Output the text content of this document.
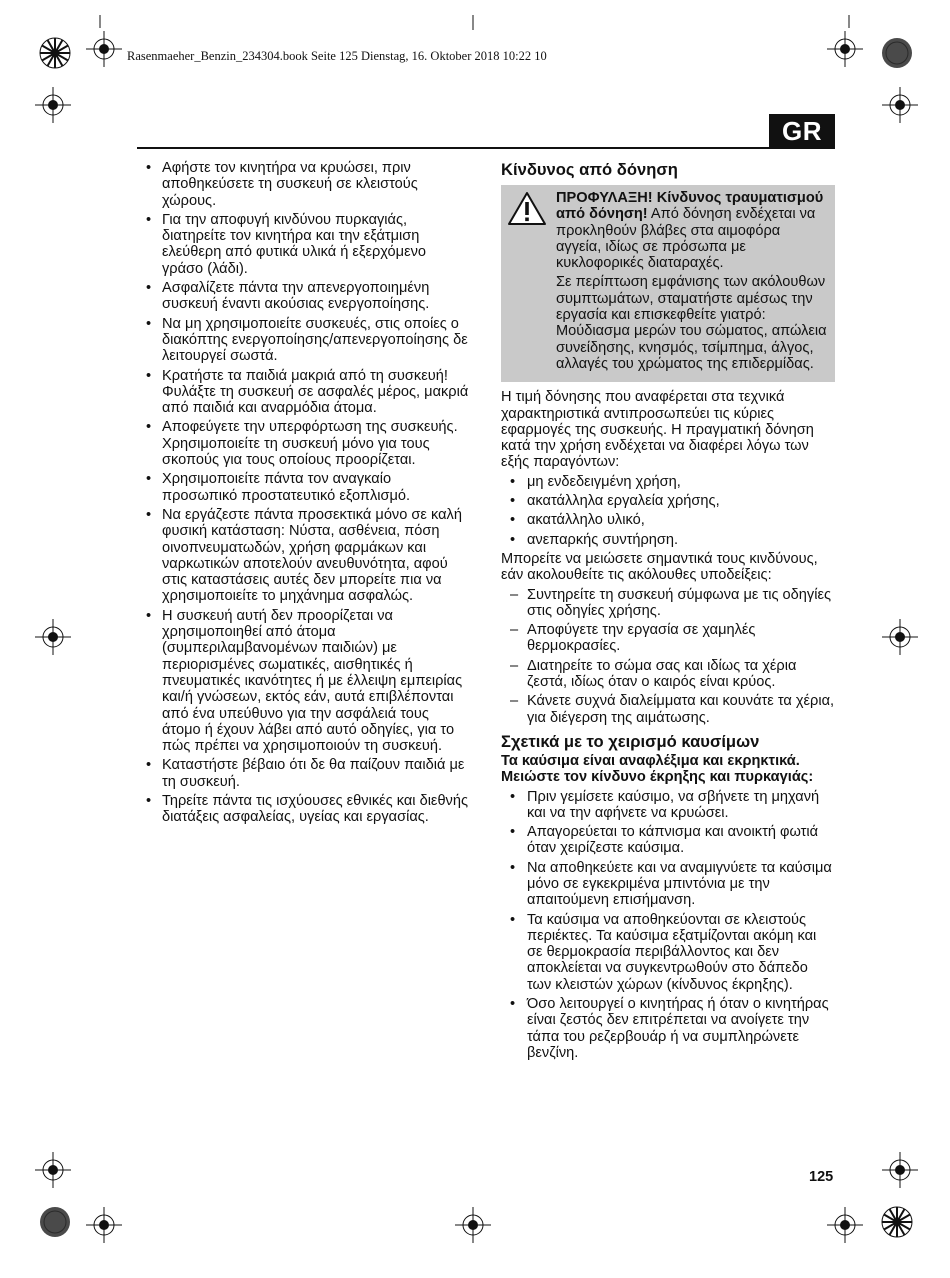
Rasenmaeher_Benzin_234304.book Seite 125 Dienstag, 16. Oktober 2018 10:22 10
GR
• Αφήστε τον κινητήρα να κρυώσει, πριν αποθηκεύσετε τη συσκευή σε κλειστούς χώρους.
• Για την αποφυγή κινδύνου πυρκαγιάς, διατηρείτε τον κινητήρα και την εξάτμιση ελεύθερη από φυτικά υλικά ή εξερχόμενο γράσο (λάδι).
• Ασφαλίζετε πάντα την απενεργοποιημένη συσκευή έναντι ακούσιας ενεργοποίησης.
• Να μη χρησιμοποιείτε συσκευές, στις οποίες ο διακόπτης ενεργοποίησης/απενεργοποίησης δε λειτουργεί σωστά.
• Κρατήστε τα παιδιά μακριά από τη συσκευή! Φυλάξτε τη συσκευή σε ασφαλές μέρος, μακριά από παιδιά και αναρμόδια άτομα.
• Αποφεύγετε την υπερφόρτωση της συσκευής. Χρησιμοποιείτε τη συσκευή μόνο για τους σκοπούς για τους οποίους προορίζεται.
• Χρησιμοποιείτε πάντα τον αναγκαίο προσωπικό προστατευτικό εξοπλισμό.
• Να εργάζεστε πάντα προσεκτικά μόνο σε καλή φυσική κατάσταση: Νύστα, ασθένεια, πόση οινοπνευματωδών, χρήση φαρμάκων και ναρκωτικών αποτελούν ανευθυνότητα, αφού στις καταστάσεις αυτές δεν μπορείτε πια να χρησιμοποιείτε το μηχάνημα ασφαλώς.
• Η συσκευή αυτή δεν προορίζεται να χρησιμοποιηθεί από άτομα (συμπεριλαμβανομένων παιδιών) με περιορισμένες σωματικές, αισθητικές ή πνευματικές ικανότητες ή με έλλειψη εμπειρίας και/ή γνώσεων, εκτός εάν, αυτά επιβλέπονται από ένα υπεύθυνο για την ασφάλειά τους άτομο ή έχουν λάβει από αυτό οδηγίες, για το πώς πρέπει να χρησιμοποιούν τη συσκευή.
• Καταστήστε βέβαιο ότι δε θα παίζουν παιδιά με τη συσκευή.
• Τηρείτε πάντα τις ισχύουσες εθνικές και διεθνής διατάξεις ασφαλείας, υγείας και εργασίας.
Κίνδυνος από δόνηση

ΠΡΟΦΥΛΑΞΗ! Κίνδυνος τραυματισμού από δόνηση! Από δόνηση ενδέχεται να προκληθούν βλάβες στα αιμοφόρα αγγεία, ιδίως σε πρόσωπα με κυκλοφορικές διαταραχές.

Σε περίπτωση εμφάνισης των ακόλουθων συμπτωμάτων, σταματήστε αμέσως την εργασία και επισκεφθείτε γιατρό: Μούδιασμα μερών του σώματος, απώλεια συνείδησης, κνησμός, τσίμπημα, άλγος, αλλαγές του χρώματος της επιδερμίδας.

Η τιμή δόνησης που αναφέρεται στα τεχνικά χαρακτηριστικά αντιπροσωπεύει τις κύριες εφαρμογές της συσκευής. Η πραγματική δόνηση κατά την χρήση ενδέχεται να διαφέρει λόγω των εξής παραγόντων:

• μη ενδεδειγμένη χρήση,
• ακατάλληλα εργαλεία χρήσης,
• ακατάλληλο υλικό,
• ανεπαρκής συντήρηση.

Μπορείτε να μειώσετε σημαντικά τους κινδύνους, εάν ακολουθείτε τις ακόλουθες υποδείξεις:

– Συντηρείτε τη συσκευή σύμφωνα με τις οδηγίες στις οδηγίες χρήσης.
– Αποφύγετε την εργασία σε χαμηλές θερμοκρασίες.
– Διατηρείτε το σώμα σας και ιδίως τα χέρια ζεστά, ιδίως όταν ο καιρός είναι κρύος.
– Κάνετε συχνά διαλείμματα και κουνάτε τα χέρια, για διέγερση της αιμάτωσης.
Σχετικά με το χειρισμό καυσίμων

Τα καύσιμα είναι αναφλέξιμα και εκρηκτικά. Μειώστε τον κίνδυνο έκρηξης και πυρκαγιάς:

• Πριν γεμίσετε καύσιμο, να σβήνετε τη μηχανή και να την αφήνετε να κρυώσει.
• Απαγορεύεται το κάπνισμα και ανοικτή φωτιά όταν χειρίζεστε καύσιμα.
• Να αποθηκεύετε και να αναμιγνύετε τα καύσιμα μόνο σε εγκεκριμένα μπιντόνια με την απαιτούμενη επισήμανση.
• Τα καύσιμα να αποθηκεύονται σε κλειστούς περιέκτες. Τα καύσιμα εξατμίζονται ακόμη και σε θερμοκρασία περιβάλλοντος και δεν αποκλείεται να συγκεντρωθούν στο δάπεδο των κλειστών χώρων (κίνδυνος έκρηξης).
• Όσο λειτουργεί ο κινητήρας ή όταν ο κινητήρας είναι ζεστός δεν επιτρέπεται να ανοίγετε την τάπα του ρεζερβουάρ ή να συμπληρώνετε βενζίνη.
125
